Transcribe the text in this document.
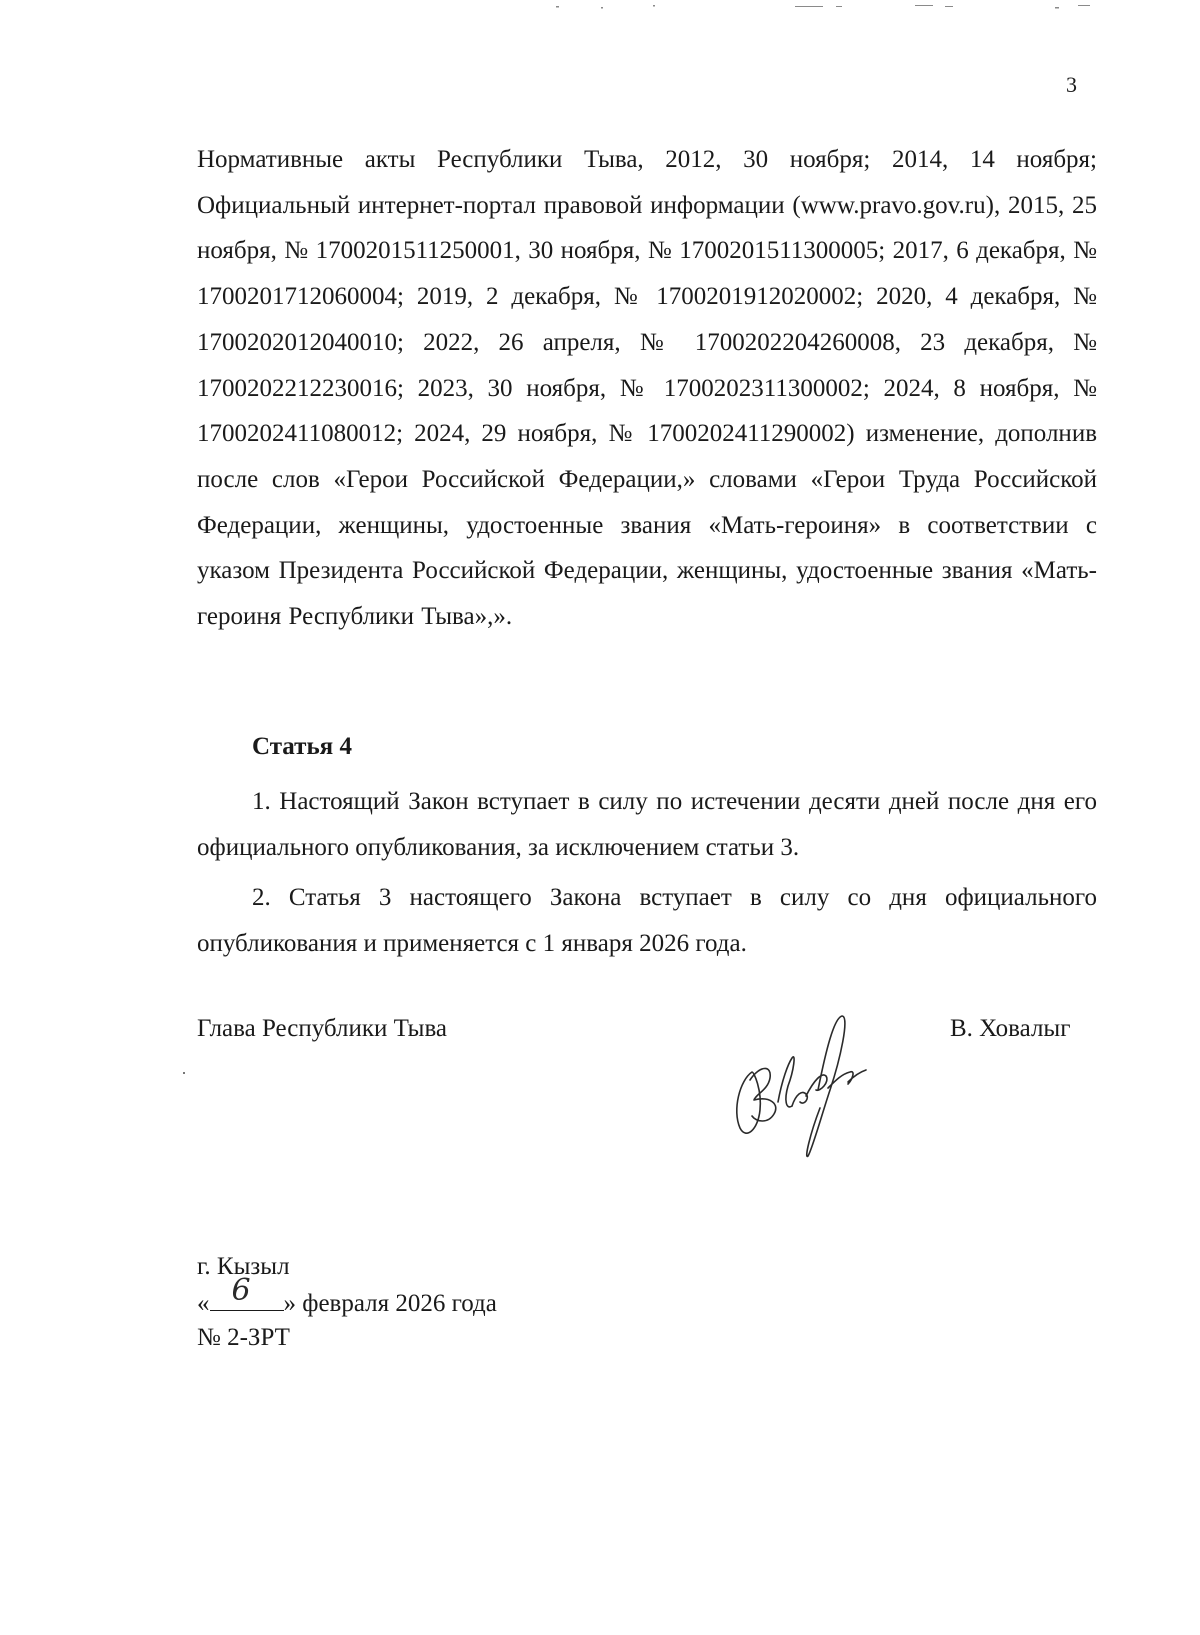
3

Нормативные акты Республики Тыва, 2012, 30 ноября; 2014, 14 ноября; Официальный интернет-портал правовой информации (www.pravo.gov.ru), 2015, 25 ноября, № 1700201511250001, 30 ноября, № 1700201511300005; 2017, 6 декабря, № 1700201712060004; 2019, 2 декабря, № 1700201912020002; 2020, 4 декабря, № 1700202012040010; 2022, 26 апреля, № 1700202204260008, 23 декабря, № 1700202212230016; 2023, 30 ноября, № 1700202311300002; 2024, 8 ноября, № 1700202411080012; 2024, 29 ноября, № 1700202411290002) изменение, дополнив после слов «Герои Российской Федерации,» словами «Герои Труда Российской Федерации, женщины, удостоенные звания «Мать-героиня» в соответствии с указом Президента Российской Федерации, женщины, удостоенные звания «Мать-героиня Республики Тыва»,».

Статья 4

1. Настоящий Закон вступает в силу по истечении десяти дней после дня его официального опубликования, за исключением статьи 3.

2. Статья 3 настоящего Закона вступает в силу со дня официального опубликования и применяется с 1 января 2026 года.

Глава Республики Тыва	В. Ховалыг
г. Кызыл
« 6 » февраля 2026 года
№ 2-ЗРТ
